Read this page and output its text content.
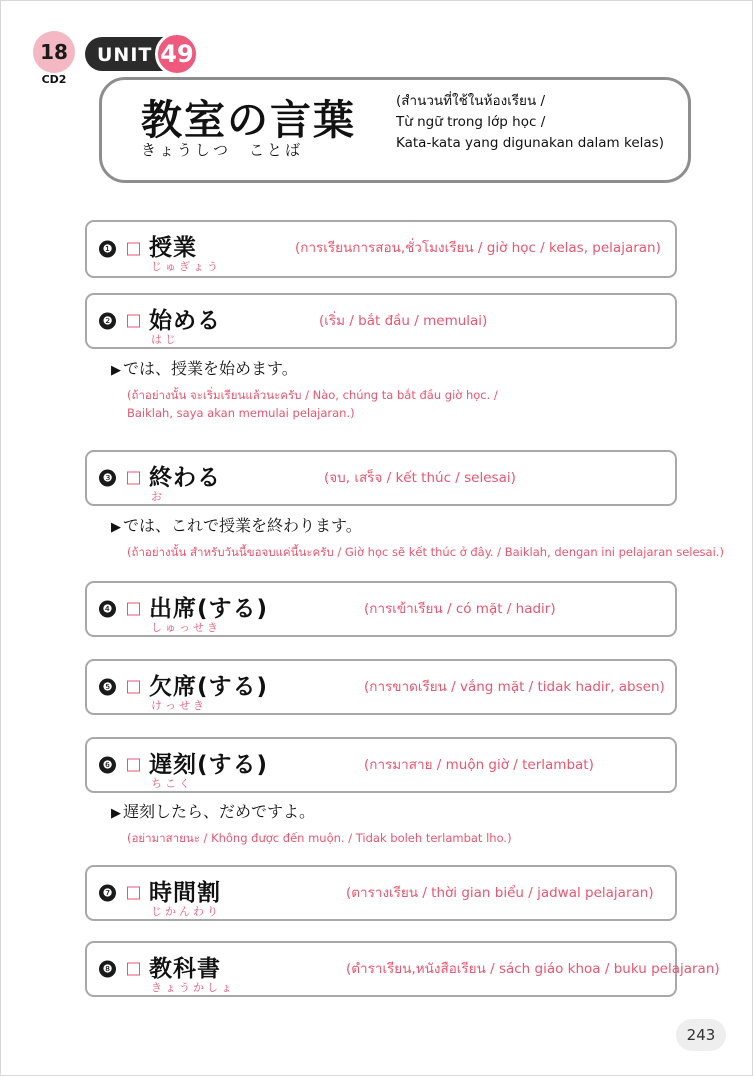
18
CD2
UNIT 49
教室の言葉
きょうしつ　ことば
(สำนวนที่ใช้ในห้องเรียน /
Từ ngữ trong lớp học /
Kata-kata yang digunakan dalam kelas)
❶ 授業
じゅぎょう
(การเรียนการสอน,ชั่วโมงเรียน / giờ học / kelas, pelajaran)
❷ 始める
はじ
(เริ่ม / bắt đầu / memulai)
▶ では、授業を始めます。
(ถ้าอย่างนั้น จะเริ่มเรียนแล้วนะครับ / Nào, chúng ta bắt đầu giờ học. /
Baiklah, saya akan memulai pelajaran.)
❸ 終わる
お
(จบ, เสร็จ / kết thúc / selesai)
▶ では、これで授業を終わります。
(ถ้าอย่างนั้น สำหรับวันนี้ขอจบแค่นี้นะครับ / Giờ học sẽ kết thúc ở đây. / Baiklah, dengan ini pelajaran selesai.)
❹ 出席(する)
しゅっせき
(การเข้าเรียน / có mặt / hadir)
❺ 欠席(する)
けっせき
(การขาดเรียน / vắng mặt / tidak hadir, absen)
❻ 遅刻(する)
ちこく
(การมาสาย / muộn giờ / terlambat)
▶ 遅刻したら、だめですよ。
(อย่ามาสายนะ / Không được đến muộn. / Tidak boleh terlambat lho.)
❼ 時間割
じかんわり
(ตารางเรียน / thời gian biểu / jadwal pelajaran)
❽ 教科書
きょうかしょ
(ตำราเรียน,หนังสือเรียน / sách giáo khoa / buku pelajaran)
243
